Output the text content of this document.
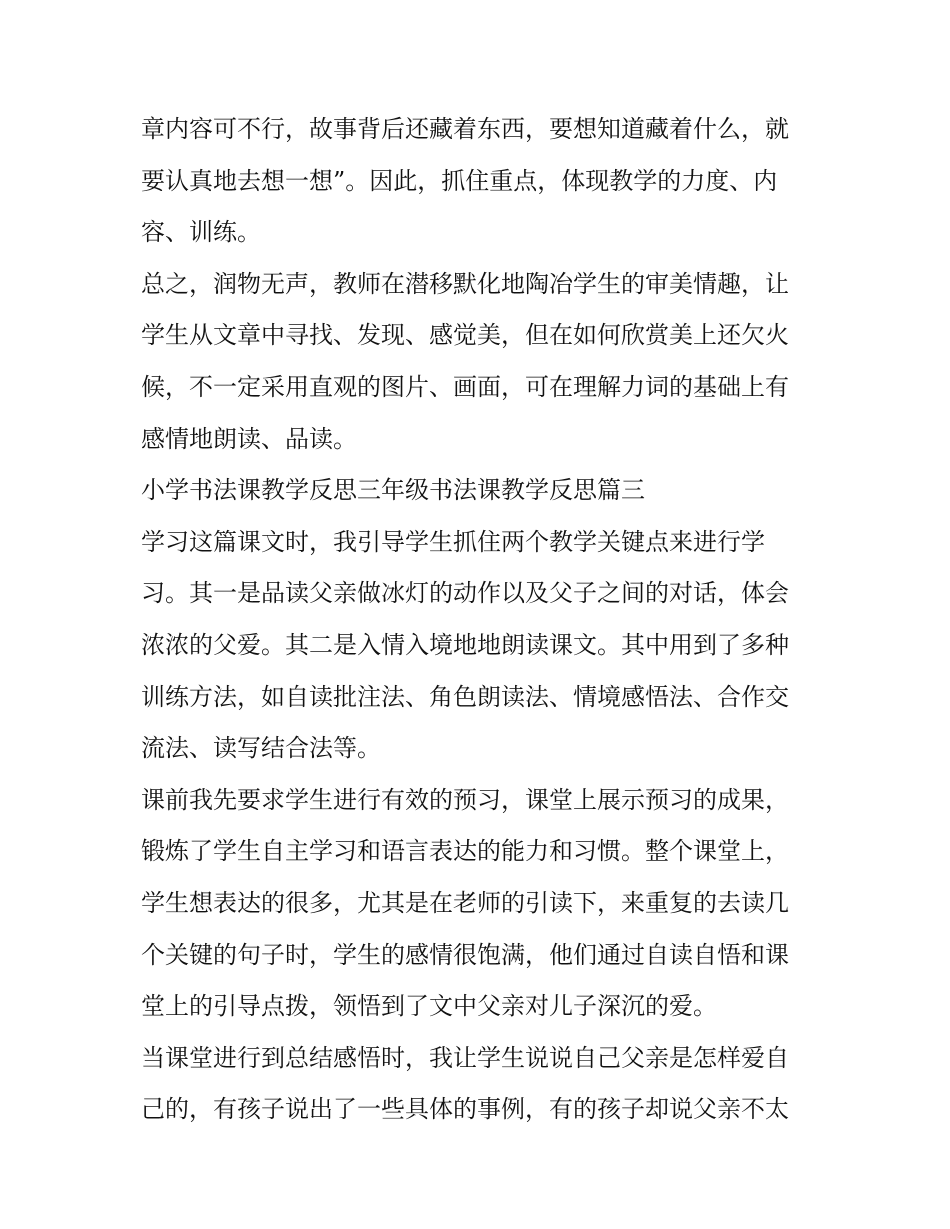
章内容可不行，故事背后还藏着东西，要想知道藏着什么，就
要认真地去想一想”。因此，抓住重点，体现教学的力度、内
容、训练。
总之，润物无声，教师在潜移默化地陶冶学生的审美情趣，让
学生从文章中寻找、发现、感觉美，但在如何欣赏美上还欠火
候，不一定采用直观的图片、画面，可在理解力词的基础上有
感情地朗读、品读。
小学书法课教学反思三年级书法课教学反思篇三
学习这篇课文时，我引导学生抓住两个教学关键点来进行学
习。其一是品读父亲做冰灯的动作以及父子之间的对话，体会
浓浓的父爱。其二是入情入境地地朗读课文。其中用到了多种
训练方法，如自读批注法、角色朗读法、情境感悟法、合作交
流法、读写结合法等。
课前我先要求学生进行有效的预习，课堂上展示预习的成果，
锻炼了学生自主学习和语言表达的能力和习惯。整个课堂上，
学生想表达的很多，尤其是在老师的引读下，来重复的去读几
个关键的句子时，学生的感情很饱满，他们通过自读自悟和课
堂上的引导点拨，领悟到了文中父亲对儿子深沉的爱。
当课堂进行到总结感悟时，我让学生说说自己父亲是怎样爱自
己的，有孩子说出了一些具体的事例，有的孩子却说父亲不太
